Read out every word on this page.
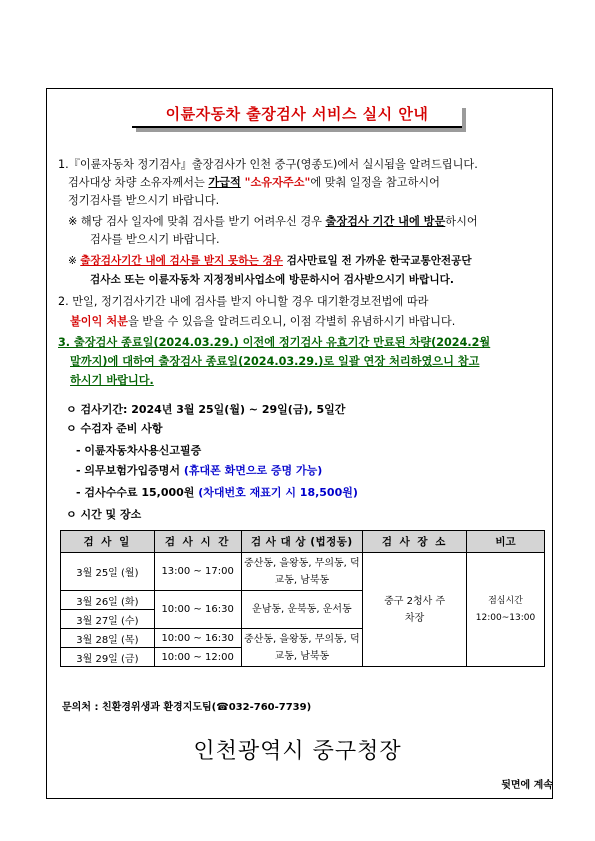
이륜자동차 출장검사 서비스 실시 안내
1.『이륜자동차 정기검사』출장검사가 인천 중구(영종도)에서 실시됨을 알려드립니다.
검사대상 차량 소유자께서는 가급적 "소유자주소"에 맞춰 일정을 참고하시어
정기검사를 받으시기 바랍니다.
※ 해당 검사 일자에 맞춰 검사를 받기 어려우신 경우 출장검사 기간 내에 방문하시어
검사를 받으시기 바랍니다.
※ 출장검사기간 내에 검사를 받지 못하는 경우 검사만료일 전 가까운 한국교통안전공단
검사소 또는 이륜자동차 지정정비사업소에 방문하시어 검사받으시기 바랍니다.
2. 만일, 정기검사기간 내에 검사를 받지 아니할 경우 대기환경보전법에 따라
불이익 처분을 받을 수 있음을 알려드리오니, 이점 각별히 유념하시기 바랍니다.
3. 출장검사 종료일(2024.03.29.) 이전에 정기검사 유효기간 만료된 차량(2024.2월
말까지)에 대하여 출장검사 종료일(2024.03.29.)로 일괄 연장 처리하였으니 참고
하시기 바랍니다.
ㅇ 검사기간: 2024년 3월 25일(월) ~ 29일(금), 5일간
ㅇ 수검자 준비 사항
- 이륜자동차사용신고필증
- 의무보험가입증명서 (휴대폰 화면으로 증명 가능)
- 검사수수료 15,000원 (차대번호 재표기 시 18,500원)
ㅇ 시간 및 장소
검 사 일	검 사 시 간	검 사 대 상 (법정동)	검 사 장 소	비고
3월 25일 (월)	13:00 ~ 17:00	중산동, 을왕동, 무의동, 덕교동, 남북동	중구 2청사 주차장	점심시간 12:00~13:00
3월 26일 (화)	10:00 ~ 16:30	운남동, 운북동, 운서동		
3월 27일 (수)				
3월 28일 (목)	10:00 ~ 16:30	중산동, 을왕동, 무의동, 덕교동, 남북동		
3월 29일 (금)	10:00 ~ 12:00			
문의처 : 친환경위생과 환경지도팀(☎032-760-7739)
인천광역시 중구청장
뒷면에 계속
